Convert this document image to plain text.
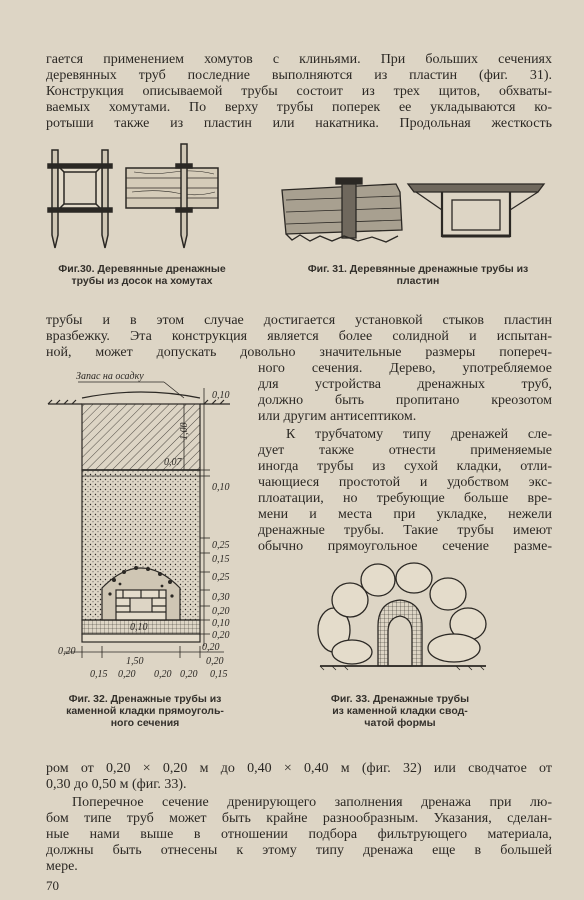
гается применением хомутов с клиньями. При больших сечениях
деревянных труб последние выполняются из пластин (фиг. 31).
Конструкция описываемой трубы состоит из трех щитов, обхваты-
ваемых хомутами. По верху трубы поперек ее укладываются ко-
ротыши также из пластин или накатника. Продольная жесткость
Фиг.30. Деревянные дренажные
трубы из досок на хомутах
Фиг. 31. Деревянные дренажные трубы из
пластин
трубы и в этом случае достигается установкой стыков пластин
вразбежку. Эта конструкция является более солидной и испытан-
ной, может допускать довольно значительные размеры попереч-
ного сечения. Дерево, употребляемое
для устройства дренажных труб,
должно быть пропитано креозотом
или другим антисептиком.
К трубчатому типу дренажей сле-
дует также отнести применяемые
иногда трубы из сухой кладки, отли-
чающиеся простотой и удобством экс-
плоатации, но требующие больше вре-
мени и места при укладке, нежели
дренажные трубы. Такие трубы имеют
обычно прямоугольное сечение разме-
Запас на осадку
0,10
1,00
0,07
0,10
0,25
0,15
0,25
0,30
0,20
0,10
0,20
0,10
0,20	0,20
1,50	0,20
0,15 0,20 0,20 0,20 0,15
Фиг. 32. Дренажные трубы из
каменной кладки прямоуголь-
ного сечения
Фиг. 33. Дренажные трубы
из каменной кладки свод-
чатой формы
ром от 0,20 × 0,20 м до 0,40 × 0,40 м (фиг. 32) или сводчатое от
0,30 до 0,50 м (фиг. 33).
Поперечное сечение дренирующего заполнения дренажа при лю-
бом типе труб может быть крайне разнообразным. Указания, сделан-
ные нами выше в отношении подбора фильтрующего материала,
должны быть отнесены к этому типу дренажа еще в большей
мере.
70
